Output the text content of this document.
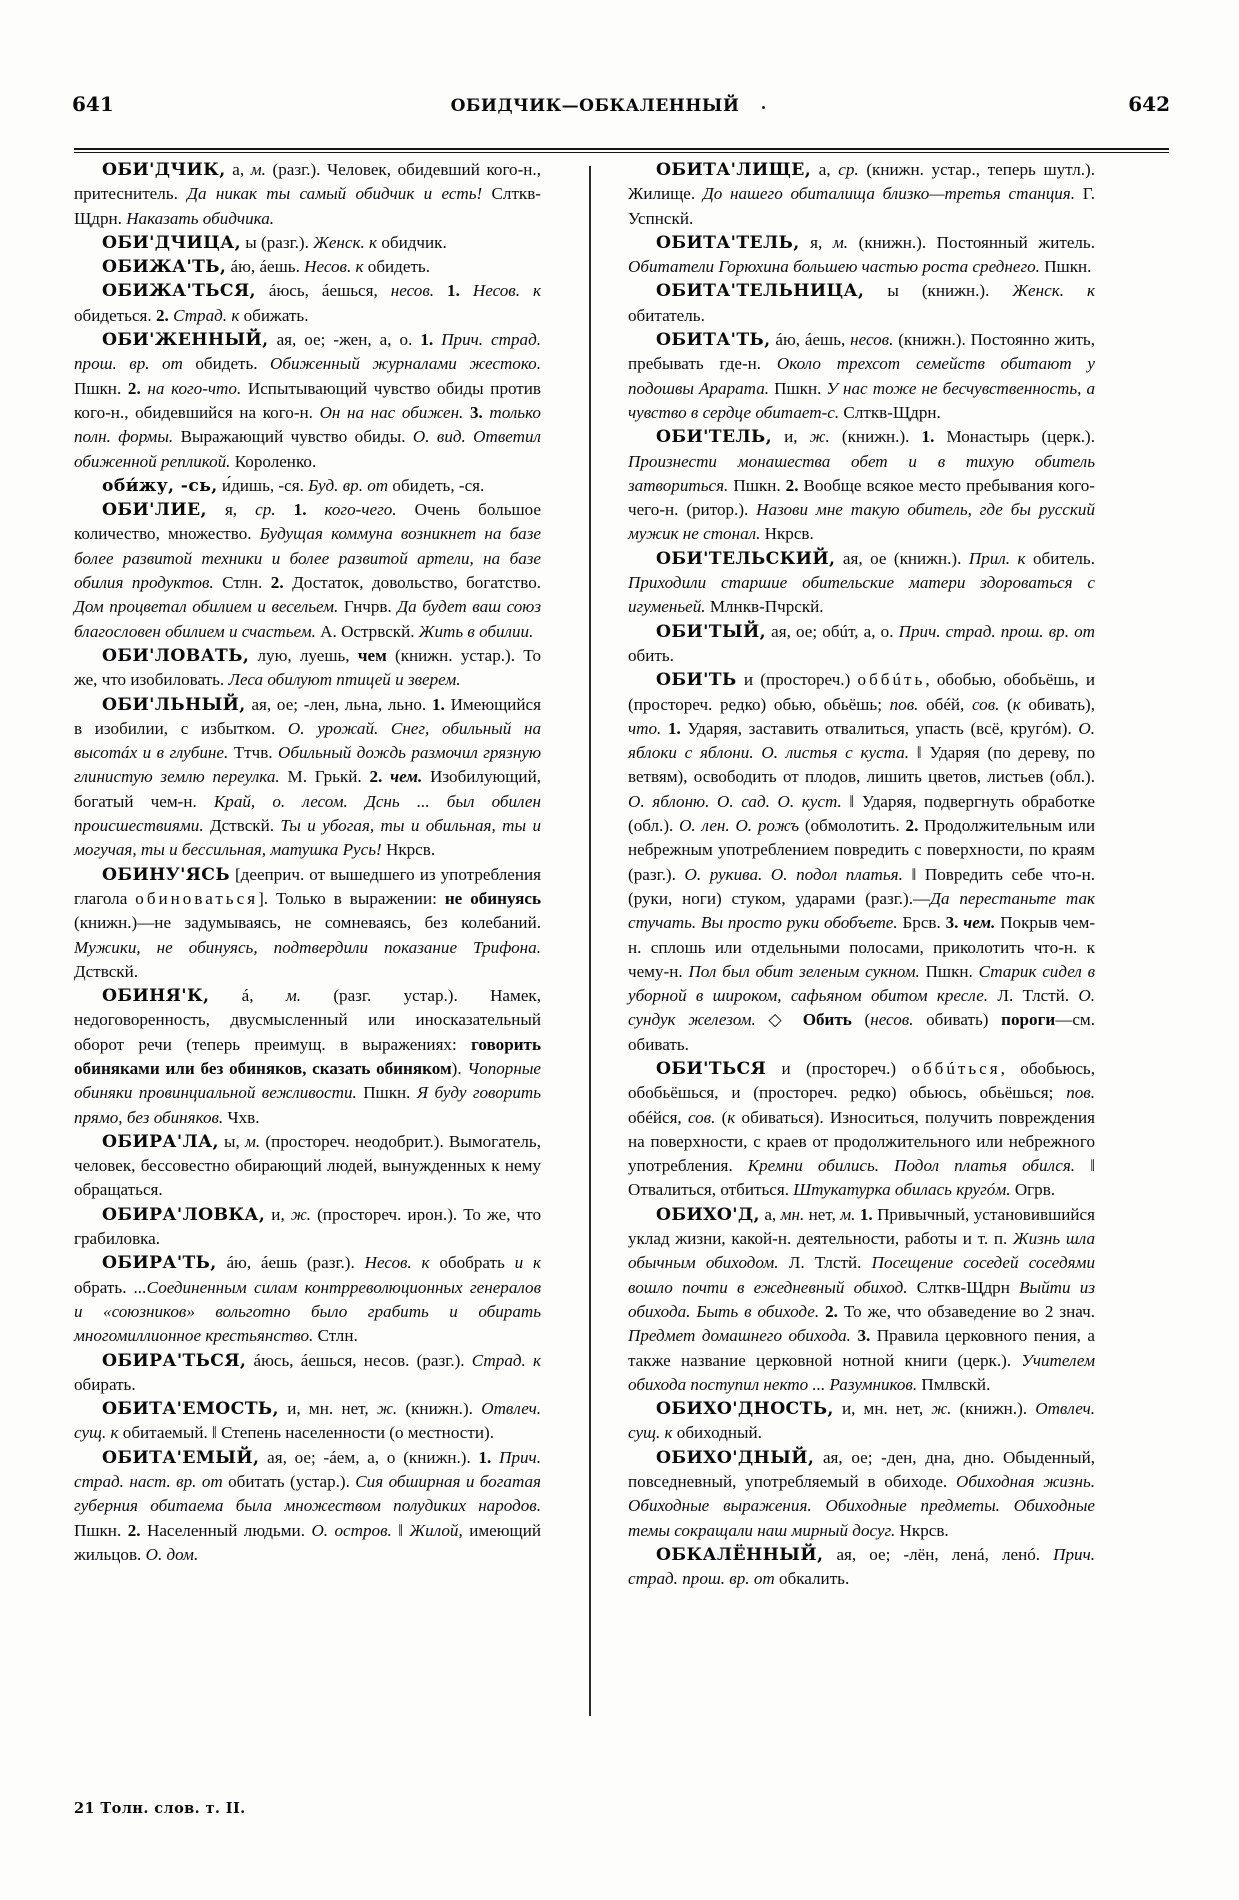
641	ОБИДЧИК—ОБКАЛЕННЫЙ	642

ОБИ'ДЧИК, а, м. (разг.). Человек, обидевший кого-н., притеснитель. Да никак ты самый обидчик и есть! Слткв-Щдрн. Наказать обидчика.

ОБИ'ДЧИЦА, ы (разг.). Женск. к обидчик.

ОБИЖА'ТЬ, áю, áешь. Несов. к обидеть.

ОБИЖА'ТЬСЯ, áюсь, áешься, несов. 1. Несов. к обидеться. 2. Страд. к обижать.

ОБИ'ЖЕННЫЙ, ая, ое; -жен, а, о. 1. Прич. страд. прош. вр. от обидеть. Обиженный журналами жестоко. Пшкн. 2. на кого-что. Испытывающий чувство обиды против кого-н., обидевшийся на кого-н. Он на нас обижен. 3. только полн. формы. Выражающий чувство обиды. О. вид. Ответил обиженной репликой. Короленко.

оби́жу, -сь, и́дишь, -ся. Буд. вр. от обидеть, -ся.

ОБИ'ЛИЕ, я, ср. 1. кого-чего. Очень большое количество, множество. Будущая коммуна возникнет на базе более развитой техники и более развитой артели, на базе обилия продуктов. Стлн. 2. Достаток, довольство, богатство. Дом процветал обилием и весельем. Гнчрв. Да будет ваш союз благословен обилием и счастьем. А. Острвскй. Жить в обилии.

ОБИ'ЛОВАТЬ, лую, луешь, чем (книжн. устар.). То же, что изобиловать. Леса обилуют птицей и зверем.

ОБИ'ЛЬНЫЙ, ая, ое; -лен, льна, льно. 1. Имеющийся в изобилии, с избытком. О. урожай. Снег, обильный на высотáх и в глубине. Ттчв. Обильный дождь размочил грязную глинистую землю переулка. М. Грькй. 2. чем. Изобилующий, богатый чем-н. Край, о. лесом. Дснь ... был обилен происшествиями. Дствскй. Ты и убогая, ты и обильная, ты и могучая, ты и бессильная, матушка Русь! Нкрсв.

ОБИНУ'ЯСЬ [дееприч. от вышедшего из употребления глагола обиноваться]. Только в выражении: не обинуясь (книжн.)—не задумываясь, не сомневаясь, без колебаний. Мужики, не обинуясь, подтвердили показание Трифона. Дствскй.

ОБИНЯ'К, á, м. (разг. устар.). Намек, недоговоренность, двусмысленный или иносказательный оборот речи (теперь преимущ. в выражениях: говорить обиняками или без обиняков, сказать обиняком). Чопорные обиняки провинциальной вежливости. Пшкн. Я буду говорить прямо, без обиняков. Чхв.

ОБИРА'ЛА, ы, м. (простореч. неодобрит.). Вымогатель, человек, бессовестно обирающий людей, вынужденных к нему обращаться.

ОБИРА'ЛОВКА, и, ж. (простореч. ирон.). То же, что грабиловка.

ОБИРА'ТЬ, áю, áешь (разг.). Несов. к обобрать и к обрать. ...Соединенным силам контрреволюционных генералов и «союзников» вольготно было грабить и обирать многомиллионное крестьянство. Стлн.

ОБИРА'ТЬСЯ, áюсь, áешься, несов. (разг.). Страд. к обирать.

ОБИТА'ЕМОСТЬ, и, мн. нет, ж. (книжн.). Отвлеч. сущ. к обитаемый. ‖ Степень населенности (о местности).

ОБИТА'ЕМЫЙ, ая, ое; -áем, а, о (книжн.). 1. Прич. страд. наст. вр. от обитать (устар.). Сия обширная и богатая губерния обитаема была множеством полудиких народов. Пшкн. 2. Населенный людьми. О. остров. ‖ Жилой, имеющий жильцов. О. дом.

ОБИТА'ЛИЩЕ, а, ср. (книжн. устар., теперь шутл.). Жилище. До нашего обиталища близко—третья станция. Г. Успнскй.

ОБИТА'ТЕЛЬ, я, м. (книжн.). Постоянный житель. Обитатели Горюхина большею частью роста среднего. Пшкн.

ОБИТА'ТЕЛЬНИЦА, ы (книжн.). Женск. к обитатель.

ОБИТА'ТЬ, áю, áешь, несов. (книжн.). Постоянно жить, пребывать где-н. Около трехсот семейств обитают у подошвы Арарата. Пшкн. У нас тоже не бесчувственность, а чувство в сердце обитает-с. Слткв-Щдрн.

ОБИ'ТЕЛЬ, и, ж. (книжн.). 1. Монастырь (церк.). Произнести монашества обет и в тихую обитель затвориться. Пшкн. 2. Вообще всякое место пребывания кого-чего-н. (ритор.). Назови мне такую обитель, где бы русский мужик не стонал. Нкрсв.

ОБИ'ТЕЛЬСКИЙ, ая, ое (книжн.). Прил. к обитель. Приходили старшие обительские матери здороваться с игуменьей. Млнкв-Пчрскй.

ОБИ'ТЫЙ, ая, ое; обúт, а, о. Прич. страд. прош. вр. от обить.

ОБИ'ТЬ и (простореч.) оббúть, обобью, обобьёшь, и (простореч. редко) обью, обьёшь; пов. обéй, сов. (к обивать), что. 1. Ударяя, заставить отвалиться, упасть (всё, кругóм). О. яблоки с яблони. О. листья с куста. ‖ Ударяя (по дереву, по ветвям), освободить от плодов, лишить цветов, листьев (обл.). О. яблоню. О. сад. О. куст. ‖ Ударяя, подвергнуть обработке (обл.). О. лен. О. рожъ (обмолотить. 2. Продолжительным или небрежным употреблением повредить с поверхности, по краям (разг.). О. рукива. О. подол платья. ‖ Повредить себе что-н. (руки, ноги) стуком, ударами (разг.).—Да перестаньте так стучать. Вы просто руки обобъете. Брсв. 3. чем. Покрыв чем-н. сплошь или отдельными полосами, приколотить что-н. к чему-н. Пол был обит зеленым сукном. Пшкн. Старик сидел в уборной в широком, сафьяном обитом кресле. Л. Тлстй. О. сундук железом. ◇ Обить (несов. обивать) пороги—см. обивать.

ОБИ'ТЬСЯ и (простореч.) оббúться, обобьюсь, обобьёшься, и (простореч. редко) обьюсь, обьёшься; пов. обéйся, сов. (к обиваться). Износиться, получить повреждения на поверхности, с краев от продолжительного или небрежного употребления. Кремни обились. Подол платья обился. ‖ Отвалиться, отбиться. Штукатурка обилась кругóм. Огрв.

ОБИХО'Д, а, мн. нет, м. 1. Привычный, установившийся уклад жизни, какой-н. деятельности, работы и т. п. Жизнь шла обычным обиходом. Л. Тлстй. Посещение соседей соседями вошло почти в ежедневный обиход. Слткв-Щдрн Выйти из обихода. Быть в обиходе. 2. То же, что обзаведение во 2 знач. Предмет домашнего обихода. 3. Правила церковного пения, а также название церковной нотной книги (церк.). Учителем обихода поступил некто ... Разумников. Пмлвскй.

ОБИХО'ДНОСТЬ, и, мн. нет, ж. (книжн.). Отвлеч. сущ. к обиходный.

ОБИХО'ДНЫЙ, ая, ое; -ден, дна, дно. Обыденный, повседневный, употребляемый в обиходе. Обиходная жизнь. Обиходные выражения. Обиходные предметы. Обиходные темы сокращали наш мирный досуг. Нкрсв.

ОБКАЛЁННЫЙ, ая, ое; -лён, ленá, ленó. Прич. страд. прош. вр. от обкалить.

21 Толн. слов. т. II.
